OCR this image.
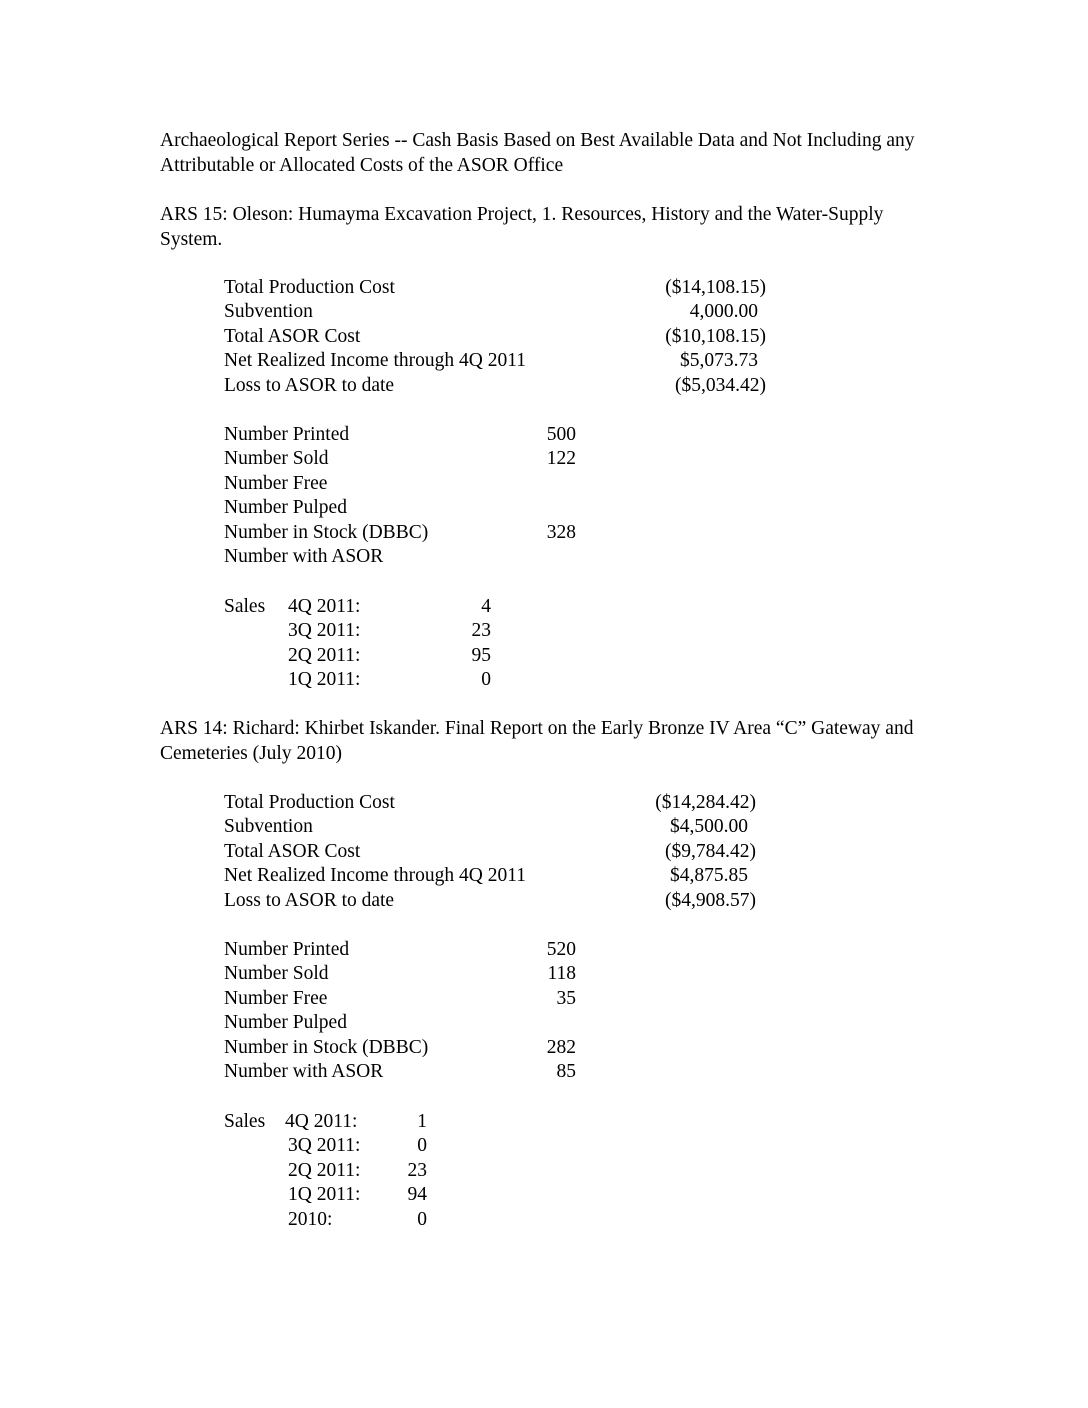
Archaeological Report Series -- Cash Basis Based on Best Available Data and Not Including any Attributable or Allocated Costs of the ASOR Office
ARS 15: Oleson: Humayma Excavation Project, 1. Resources, History and the Water-Supply System.
Total Production Cost	($14,108.15)
Subvention	4,000.00
Total ASOR Cost	($10,108.15)
Net Realized Income through 4Q 2011	$5,073.73
Loss to ASOR to date	($5,034.42)
Number Printed	500
Number Sold	122
Number Free
Number Pulped
Number in Stock (DBBC)	328
Number with ASOR
Sales 4Q 2011:	4
3Q 2011:	23
2Q 2011:	95
1Q 2011:	0
ARS 14: Richard: Khirbet Iskander. Final Report on the Early Bronze IV Area “C” Gateway and Cemeteries (July 2010)
Total Production Cost	($14,284.42)
Subvention	$4,500.00
Total ASOR Cost	($9,784.42)
Net Realized Income through 4Q 2011	$4,875.85
Loss to ASOR to date	($4,908.57)
Number Printed	520
Number Sold	118
Number Free	35
Number Pulped
Number in Stock (DBBC)	282
Number with ASOR	85
Sales 4Q 2011:	1
3Q 2011:	0
2Q 2011:	23
1Q 2011:	94
2010:	0
